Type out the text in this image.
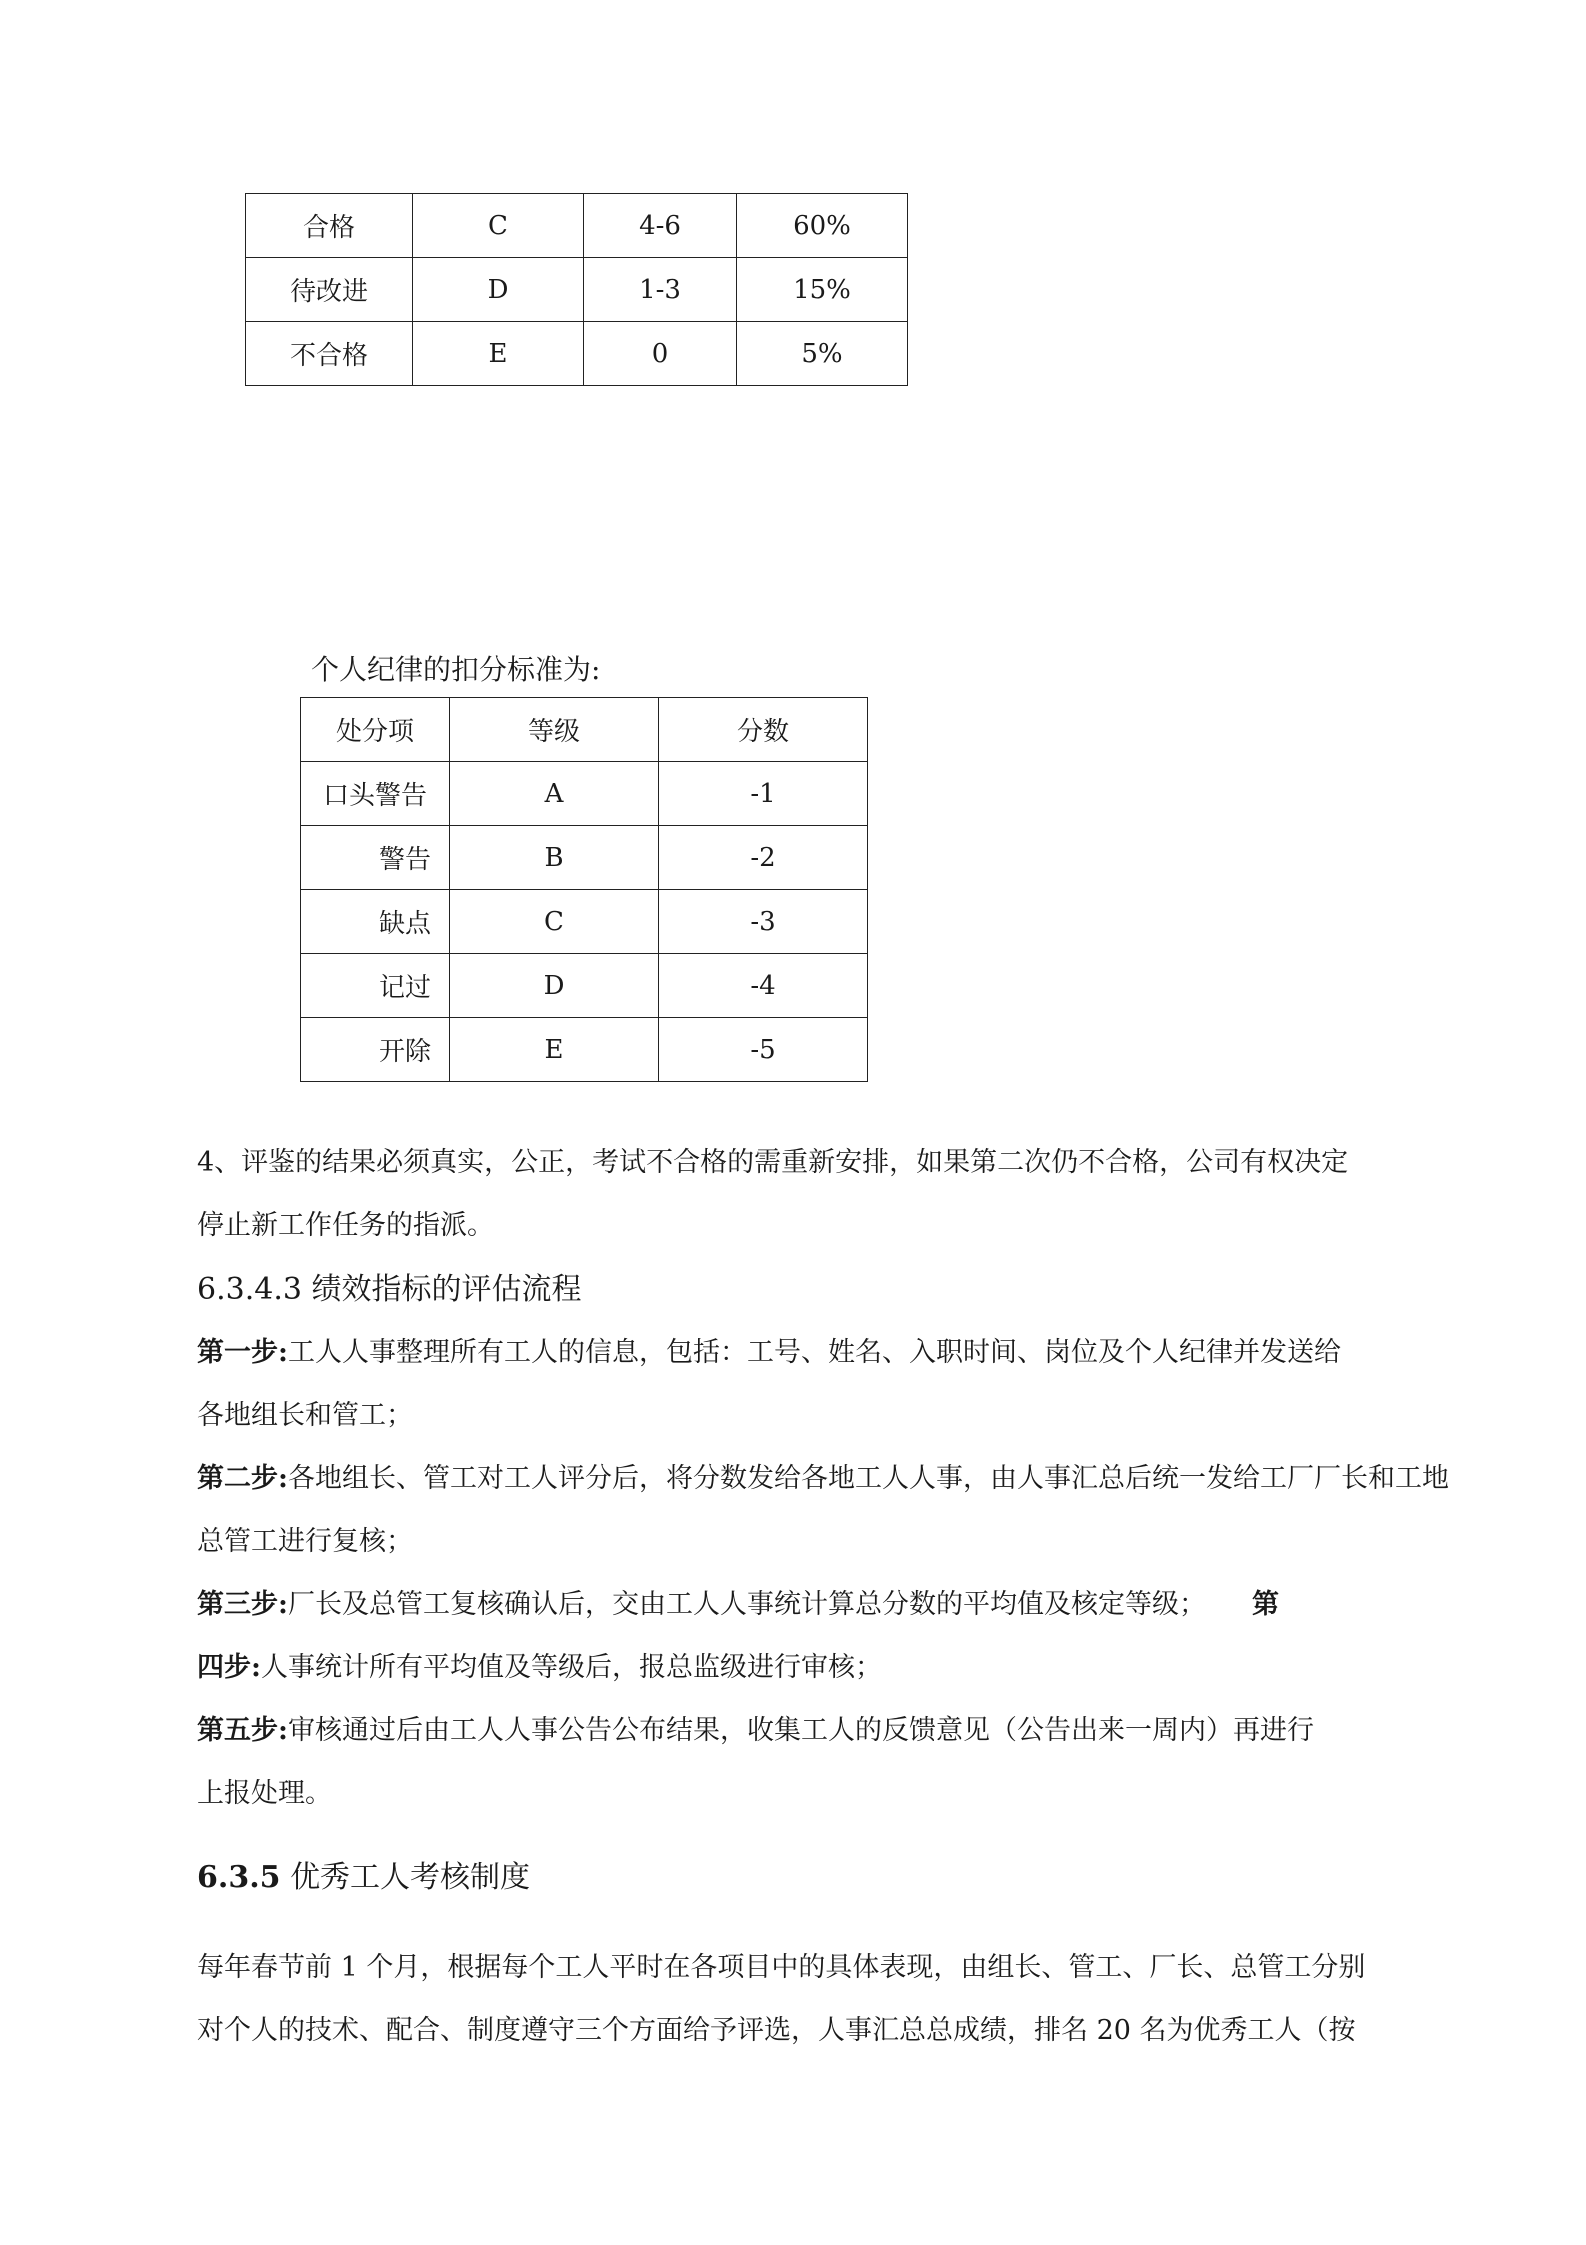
合格	C	4-6	60%
待改进	D	1-3	15%
不合格	E	0	5%
个人纪律的扣分标准为:
处分项	等级	分数
口头警告	A	-1
警告	B	-2
缺点	C	-3
记过	D	-4
开除	E	-5
4、评鉴的结果必须真实，公正，考试不合格的需重新安排，如果第二次仍不合格，公司有权决定
停止新工作任务的指派。
6.3.4.3 绩效指标的评估流程
第一步:工人人事整理所有工人的信息，包括：工号、姓名、入职时间、岗位及个人纪律并发送给
各地组长和管工；
第二步:各地组长、管工对工人评分后，将分数发给各地工人人事，由人事汇总后统一发给工厂厂长和工地
总管工进行复核；
第三步:厂长及总管工复核确认后，交由工人人事统计算总分数的平均值及核定等级； 第
四步:人事统计所有平均值及等级后，报总监级进行审核；
第五步:审核通过后由工人人事公告公布结果，收集工人的反馈意见（公告出来一周内）再进行
上报处理。
6.3.5 优秀工人考核制度
每年春节前 1 个月，根据每个工人平时在各项目中的具体表现，由组长、管工、厂长、总管工分别
对个人的技术、配合、制度遵守三个方面给予评选，人事汇总总成绩，排名 20 名为优秀工人（按
